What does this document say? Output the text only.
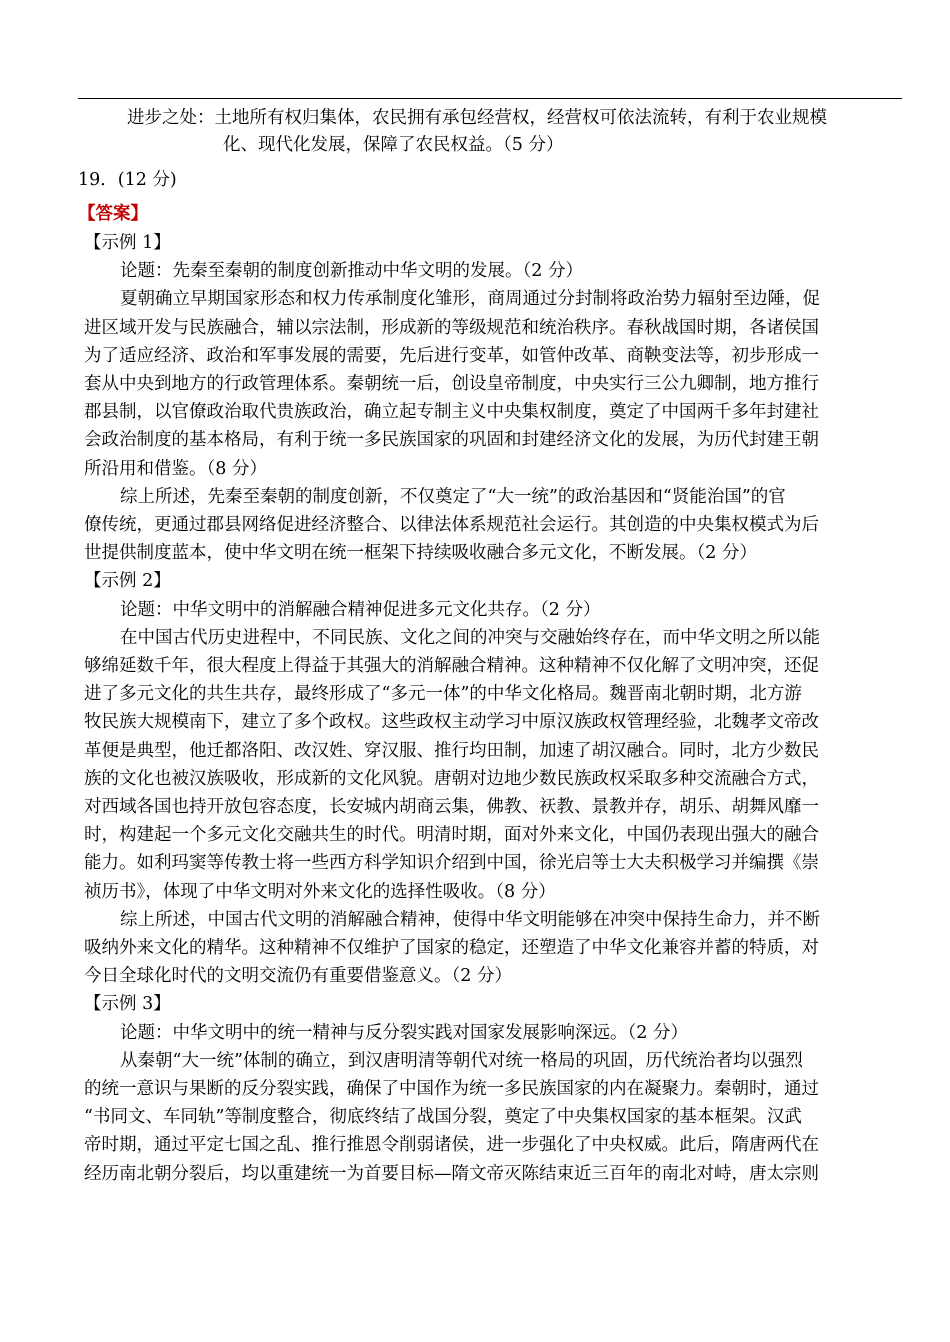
进步之处：土地所有权归集体，农民拥有承包经营权，经营权可依法流转，有利于农业规模
化、现代化发展，保障了农民权益。（5 分）
19．(12 分)
【答案】
【示例 1】
论题：先秦至秦朝的制度创新推动中华文明的发展。（2 分）
夏朝确立早期国家形态和权力传承制度化雏形，商周通过分封制将政治势力辐射至边陲，促
进区域开发与民族融合，辅以宗法制，形成新的等级规范和统治秩序。春秋战国时期，各诸侯国
为了适应经济、政治和军事发展的需要，先后进行变革，如管仲改革、商鞅变法等，初步形成一
套从中央到地方的行政管理体系。秦朝统一后，创设皇帝制度，中央实行三公九卿制，地方推行
郡县制，以官僚政治取代贵族政治，确立起专制主义中央集权制度，奠定了中国两千多年封建社
会政治制度的基本格局，有利于统一多民族国家的巩固和封建经济文化的发展，为历代封建王朝
所沿用和借鉴。（8 分）
综上所述，先秦至秦朝的制度创新，不仅奠定了“大一统”的政治基因和“贤能治国”的官
僚传统，更通过郡县网络促进经济整合、以律法体系规范社会运行。其创造的中央集权模式为后
世提供制度蓝本，使中华文明在统一框架下持续吸收融合多元文化，不断发展。（2 分）
【示例 2】
论题：中华文明中的消解融合精神促进多元文化共存。（2 分）
在中国古代历史进程中，不同民族、文化之间的冲突与交融始终存在，而中华文明之所以能
够绵延数千年，很大程度上得益于其强大的消解融合精神。这种精神不仅化解了文明冲突，还促
进了多元文化的共生共存，最终形成了“多元一体”的中华文化格局。魏晋南北朝时期，北方游
牧民族大规模南下，建立了多个政权。这些政权主动学习中原汉族政权管理经验，北魏孝文帝改
革便是典型，他迁都洛阳、改汉姓、穿汉服、推行均田制，加速了胡汉融合。同时，北方少数民
族的文化也被汉族吸收，形成新的文化风貌。唐朝对边地少数民族政权采取多种交流融合方式，
对西域各国也持开放包容态度，长安城内胡商云集，佛教、祆教、景教并存，胡乐、胡舞风靡一
时，构建起一个多元文化交融共生的时代。明清时期，面对外来文化，中国仍表现出强大的融合
能力。如利玛窦等传教士将一些西方科学知识介绍到中国，徐光启等士大夫积极学习并编撰《崇
祯历书》，体现了中华文明对外来文化的选择性吸收。（8 分）
综上所述，中国古代文明的消解融合精神，使得中华文明能够在冲突中保持生命力，并不断
吸纳外来文化的精华。这种精神不仅维护了国家的稳定，还塑造了中华文化兼容并蓄的特质，对
今日全球化时代的文明交流仍有重要借鉴意义。（2 分）
【示例 3】
论题：中华文明中的统一精神与反分裂实践对国家发展影响深远。（2 分）
从秦朝“大一统”体制的确立，到汉唐明清等朝代对统一格局的巩固，历代统治者均以强烈
的统一意识与果断的反分裂实践，确保了中国作为统一多民族国家的内在凝聚力。秦朝时，通过
“书同文、车同轨”等制度整合，彻底终结了战国分裂，奠定了中央集权国家的基本框架。汉武
帝时期，通过平定七国之乱、推行推恩令削弱诸侯，进一步强化了中央权威。此后，隋唐两代在
经历南北朝分裂后，均以重建统一为首要目标—隋文帝灭陈结束近三百年的南北对峙，唐太宗则
